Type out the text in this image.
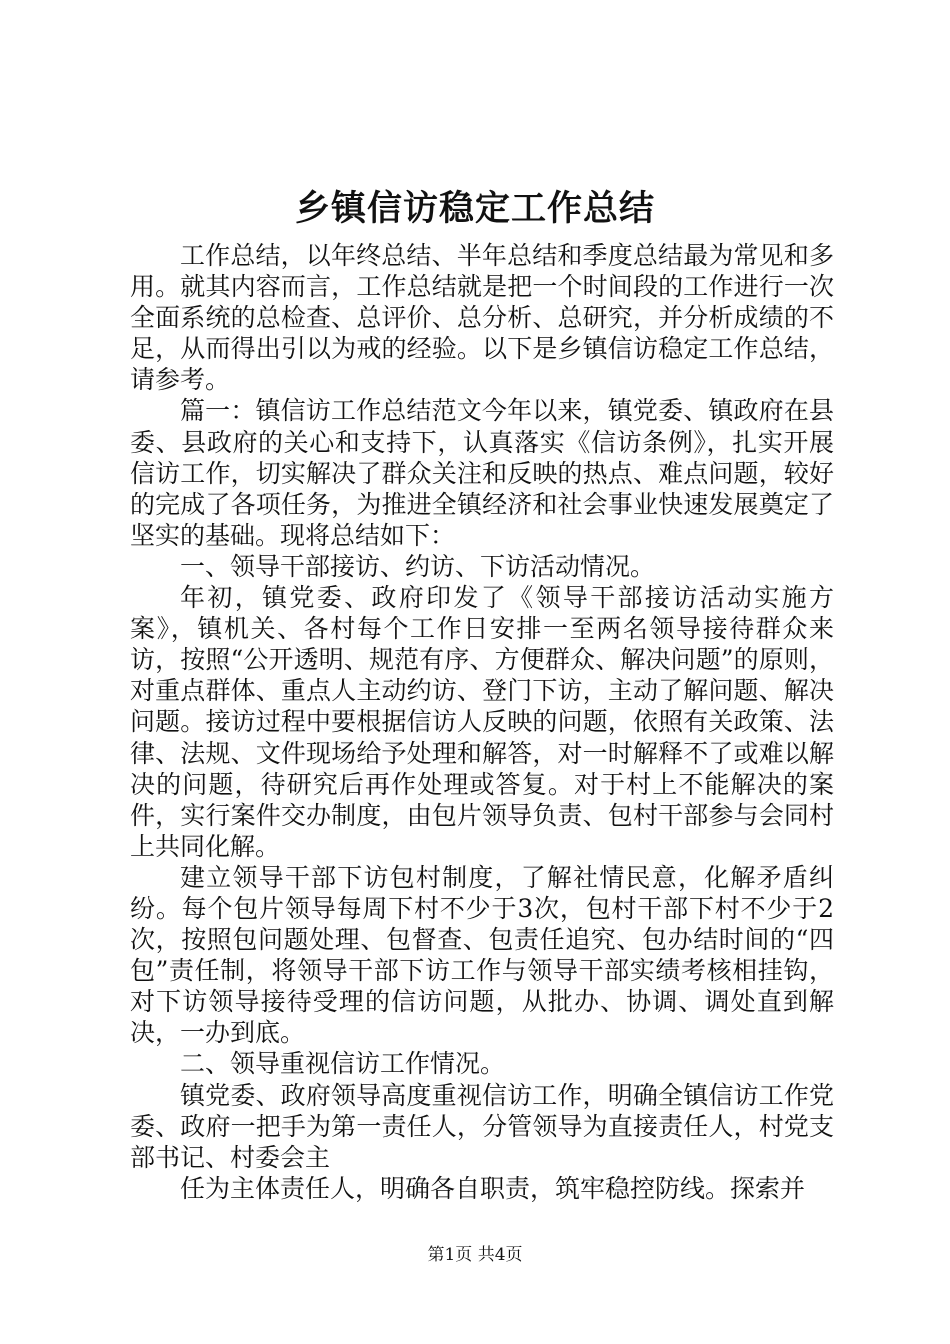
乡镇信访稳定工作总结

工作总结，以年终总结、半年总结和季度总结最为常见和多用。就其内容而言，工作总结就是把一个时间段的工作进行一次全面系统的总检查、总评价、总分析、总研究，并分析成绩的不足，从而得出引以为戒的经验。以下是乡镇信访稳定工作总结，请参考。

篇一：镇信访工作总结范文今年以来，镇党委、镇政府在县委、县政府的关心和支持下，认真落实《信访条例》，扎实开展信访工作，切实解决了群众关注和反映的热点、难点问题，较好的完成了各项任务，为推进全镇经济和社会事业快速发展奠定了坚实的基础。现将总结如下：

一、领导干部接访、约访、下访活动情况。

年初，镇党委、政府印发了《领导干部接访活动实施方案》，镇机关、各村每个工作日安排一至两名领导接待群众来访，按照“公开透明、规范有序、方便群众、解决问题”的原则，对重点群体、重点人主动约访、登门下访，主动了解问题、解决问题。接访过程中要根据信访人反映的问题，依照有关政策、法律、法规、文件现场给予处理和解答，对一时解释不了或难以解决的问题，待研究后再作处理或答复。对于村上不能解决的案件，实行案件交办制度，由包片领导负责、包村干部参与会同村上共同化解。

建立领导干部下访包村制度，了解社情民意，化解矛盾纠纷。每个包片领导每周下村不少于3次，包村干部下村不少于2次，按照包问题处理、包督查、包责任追究、包办结时间的“四包”责任制，将领导干部下访工作与领导干部实绩考核相挂钩，对下访领导接待受理的信访问题，从批办、协调、调处直到解决，一办到底。

二、领导重视信访工作情况。

镇党委、政府领导高度重视信访工作，明确全镇信访工作党委、政府一把手为第一责任人，分管领导为直接责任人，村党支部书记、村委会主

任为主体责任人，明确各自职责，筑牢稳控防线。探索并

第1页 共4页
